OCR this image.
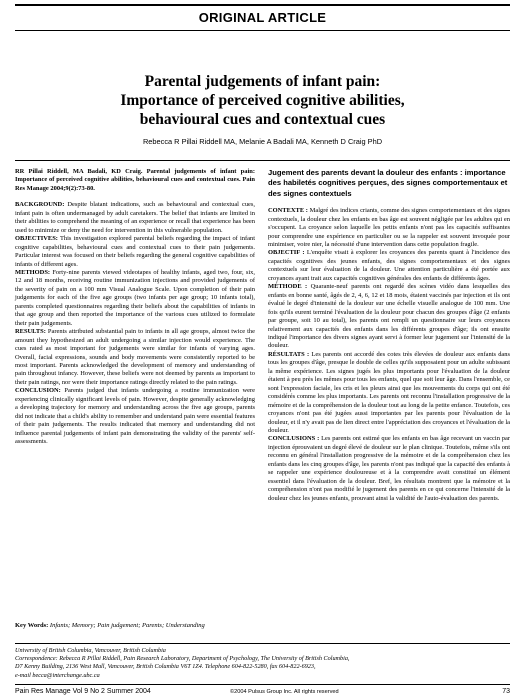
ORIGINAL ARTICLE
Parental judgements of infant pain:
Importance of perceived cognitive abilities,
behavioural cues and contextual cues
Rebecca R Pillai Riddell MA, Melanie A Badali MA, Kenneth D Craig PhD

RR Pillai Riddell, MA Badali, KD Craig. Parental judgements of infant pain: Importance of perceived cognitive abilities, behavioural cues and contextual cues. Pain Res Manage 2004;9(2):73-80.

BACKGROUND: Despite blatant indications, such as behavioural and contextual cues, infant pain is often undermanaged by adult caretakers. The belief that infants are limited in their abilities to comprehend the meaning of an experience or recall that experience has been used to minimize or deny the need for intervention in this vulnerable population.

OBJECTIVES: This investigation explored parental beliefs regarding the impact of infant cognitive capabilities, behavioural cues and contextual cues to their pain judgements. Particular interest was focused on their beliefs regarding the general cognitive capabilities of infants of different ages.

METHODS: Forty-nine parents viewed videotapes of healthy infants, aged two, four, six, 12 and 18 months, receiving routine immunization injections and provided judgements of the severity of pain on a 100 mm Visual Analogue Scale. Upon completion of their pain judgements for each of the five age groups (two infants per age group; 10 infants total), parents completed questionnaires regarding their beliefs about the capabilities of infants in that age group and then reported the importance of the various cues utilized to formulate their pain judgements.

RESULTS: Parents attributed substantial pain to infants in all age groups, almost twice the amount they hypothesized an adult undergoing a similar injection would experience. The cues rated as most important for judgements were similar for infants of varying ages. Overall, facial expressions, sounds and body movements were consistently reported to be most important. Parents acknowledged the development of memory and understanding of pain throughout infancy. However, these beliefs were not deemed by parents as important to their pain ratings, nor were their importance ratings directly related to the pain ratings.

CONCLUSION: Parents judged that infants undergoing a routine immunization were experiencing clinically significant levels of pain. However, despite generally acknowledging a developing trajectory for memory and understanding across the five age groups, parents did not indicate that a child's ability to remember and understand pain were essential features of their pain judgements. The results indicated that memory and understanding did not influence parental judgements of infant pain demonstrating the validity of the parents' self-assessments.

Key Words: Infants; Memory; Pain judgement; Parents; Understanding

Jugement des parents devant la douleur des enfants : importance des habiletés cognitives perçues, des signes comportementaux et des signes contextuels

CONTEXTE : Malgré des indices criants, comme des signes comportementaux et des signes contextuels, la douleur chez les enfants en bas âge est souvent négligée par les adultes qui en s'occupent. La croyance selon laquelle les petits enfants n'ont pas les capacités suffisantes pour comprendre une expérience en particulier ou se la rappeler est souvent invoquée pour minimiser, voire nier, la nécessité d'une intervention dans cette population fragile.

OBJECTIF : L'enquête visait à explorer les croyances des parents quant à l'incidence des capacités cognitives des jeunes enfants, des signes comportementaux et des signes contextuels sur leur évaluation de la douleur. Une attention particulière a été portée aux croyances ayant trait aux capacités cognitives générales des enfants de différents âges.

MÉTHODE : Quarante-neuf parents ont regardé des scènes vidéo dans lesquelles des enfants en bonne santé, âgés de 2, 4, 6, 12 et 18 mois, étaient vaccinés par injection et ils ont évalué le degré d'intensité de la douleur sur une échelle visuelle analogue de 100 mm. Une fois qu'ils eurent terminé l'évaluation de la douleur pour chacun des groupes d'âge (2 enfants par groupe, soit 10 au total), les parents ont rempli un questionnaire sur leurs croyances relativement aux capacités des enfants dans les différents groupes d'âge; ils ont ensuite indiqué l'importance des divers signes ayant servi à former leur jugement sur l'intensité de la douleur.

RÉSULTATS : Les parents ont accordé des cotes très élevées de douleur aux enfants dans tous les groupes d'âge, presque le double de celles qu'ils supposaient pour un adulte subissant la même expérience. Les signes jugés les plus importants pour l'évaluation de la douleur étaient à peu près les mêmes pour tous les enfants, quel que soit leur âge. Dans l'ensemble, ce sont l'expression faciale, les cris et les pleurs ainsi que les mouvements du corps qui ont été considérés comme les plus importants. Les parents ont reconnu l'installation progressive de la mémoire et de la compréhension de la douleur tout au long de la petite enfance. Toutefois, ces croyances n'ont pas été jugées aussi importantes par les parents pour l'évaluation de la douleur, et il n'y avait pas de lien direct entre l'appréciation des croyances et l'évaluation de la douleur.

CONCLUSIONS : Les parents ont estimé que les enfants en bas âge recevant un vaccin par injection éprouvaient un degré élevé de douleur sur le plan clinique. Toutefois, même s'ils ont reconnu en général l'installation progressive de la mémoire et de la compréhension chez les enfants dans les cinq groupes d'âge, les parents n'ont pas indiqué que la capacité des enfants à se rappeler une expérience douloureuse et à la comprendre avait constitué un élément essentiel dans l'évaluation de la douleur. Bref, les résultats montrent que la mémoire et la compréhension n'ont pas modifié le jugement des parents en ce qui concerne l'intensité de la douleur chez les jeunes enfants, prouvant ainsi la validité de l'auto-évaluation des parents.

University of British Columbia, Vancouver, British Columbia
Correspondence: Rebecca R Pillai Riddell, Pain Research Laboratory, Department of Psychology, The University of British Columbia,
D7 Kenny Building, 2136 West Mall, Vancouver, British Columbia V6T 1Z4. Telephone 604-822-5280, fax 604-822-6923,
e-mail becca@interchange.ubc.ca
Pain Res Manage Vol 9 No 2 Summer 2004	©2004 Pulsus Group Inc. All rights reserved	73
